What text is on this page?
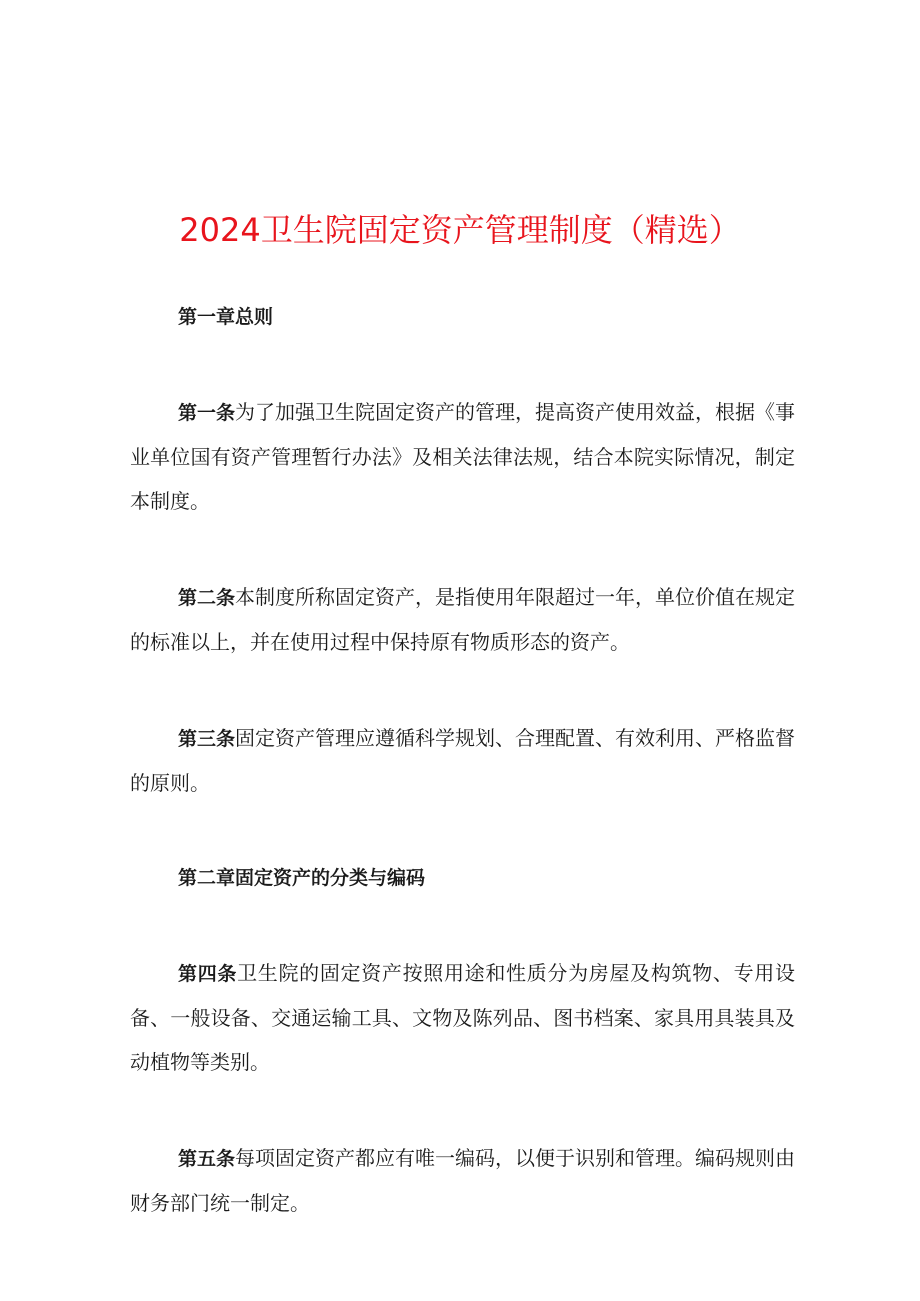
2024卫生院固定资产管理制度（精选）

第一章总则

第一条为了加强卫生院固定资产的管理，提高资产使用效益，根据《事业单位国有资产管理暂行办法》及相关法律法规，结合本院实际情况，制定本制度。

第二条本制度所称固定资产，是指使用年限超过一年，单位价值在规定的标准以上，并在使用过程中保持原有物质形态的资产。

第三条固定资产管理应遵循科学规划、合理配置、有效利用、严格监督的原则。

第二章固定资产的分类与编码

第四条卫生院的固定资产按照用途和性质分为房屋及构筑物、专用设备、一般设备、交通运输工具、文物及陈列品、图书档案、家具用具装具及动植物等类别。

第五条每项固定资产都应有唯一编码，以便于识别和管理。编码规则由财务部门统一制定。
